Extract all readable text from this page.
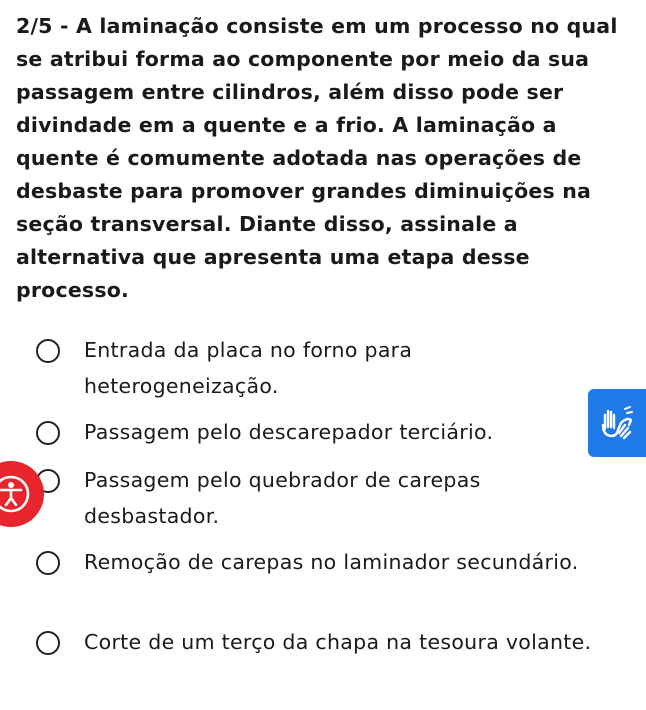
2/5 - A laminação consiste em um processo no qual se atribui forma ao componente por meio da sua passagem entre cilindros, além disso pode ser divindade em a quente e a frio. A laminação a quente é comumente adotada nas operações de desbaste para promover grandes diminuições na seção transversal. Diante disso, assinale a alternativa que apresenta uma etapa desse processo.
Entrada da placa no forno para heterogeneização.
Passagem pelo descarepador terciário.
Passagem pelo quebrador de carepas desbastador.
Remoção de carepas no laminador secundário.
Corte de um terço da chapa na tesoura volante.
